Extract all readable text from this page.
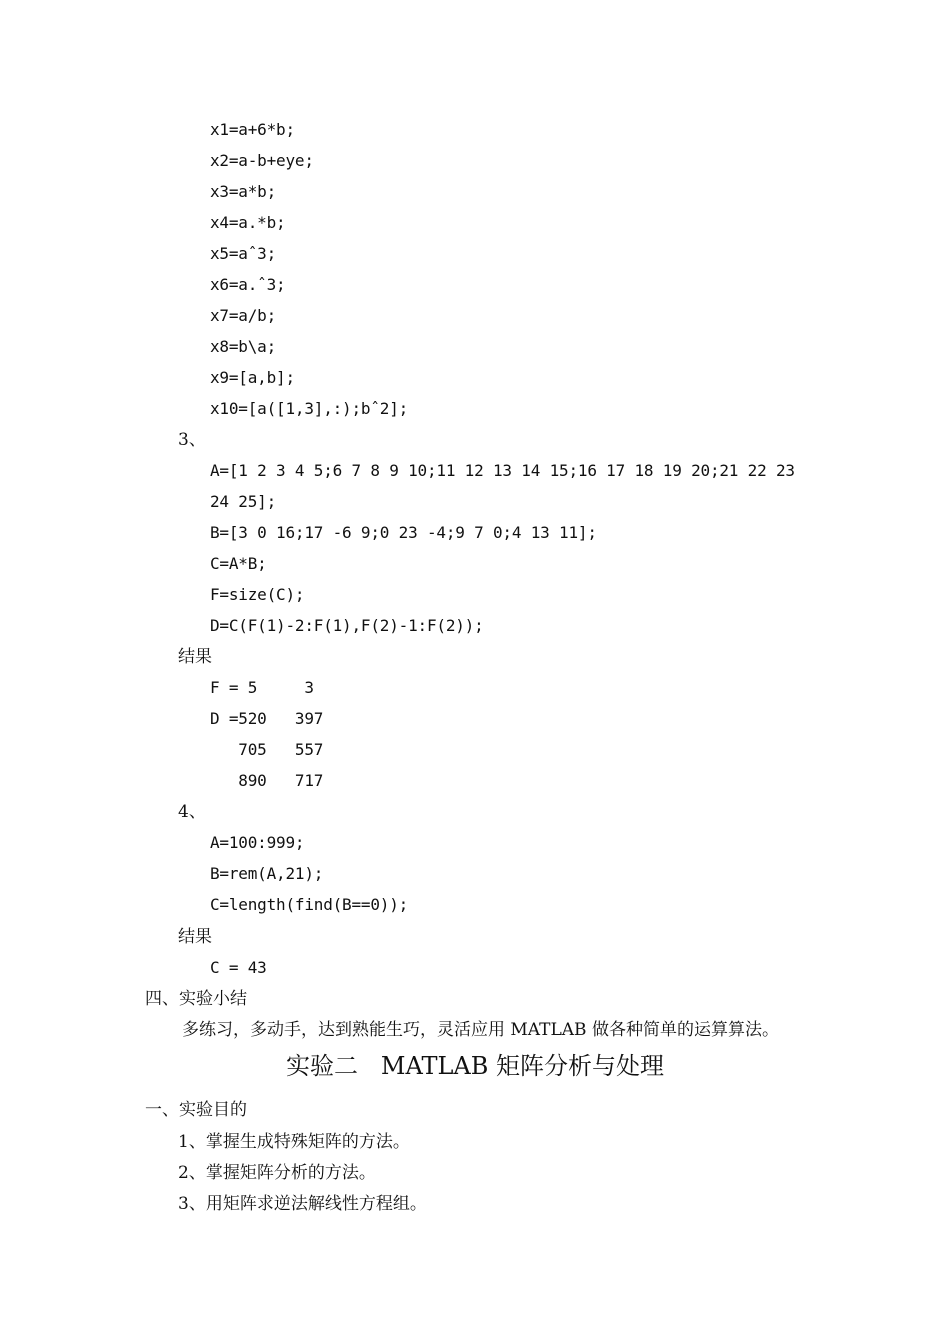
x1=a+6*b;
x2=a-b+eye;
x3=a*b;
x4=a.*b;
x5=aˆ3;
x6=a.ˆ3;
x7=a/b;
x8=b\a;
x9=[a,b];
x10=[a([1,3],:);bˆ2];
3、
A=[1 2 3 4 5;6 7 8 9 10;11 12 13 14 15;16 17 18 19 20;21 22 23
24 25];
B=[3 0 16;17 -6 9;0 23 -4;9 7 0;4 13 11];
C=A*B;
F=size(C);
D=C(F(1)-2:F(1),F(2)-1:F(2));
结果
F = 5     3
D =520   397
705   557
890   717
4、
A=100:999;
B=rem(A,21);
C=length(find(B==0));
结果
C = 43
四、实验小结
多练习，多动手，达到熟能生巧，灵活应用 MATLAB 做各种简单的运算算法。
实验二   MATLAB 矩阵分析与处理
一、实验目的
1、掌握生成特殊矩阵的方法。
2、掌握矩阵分析的方法。
3、用矩阵求逆法解线性方程组。
